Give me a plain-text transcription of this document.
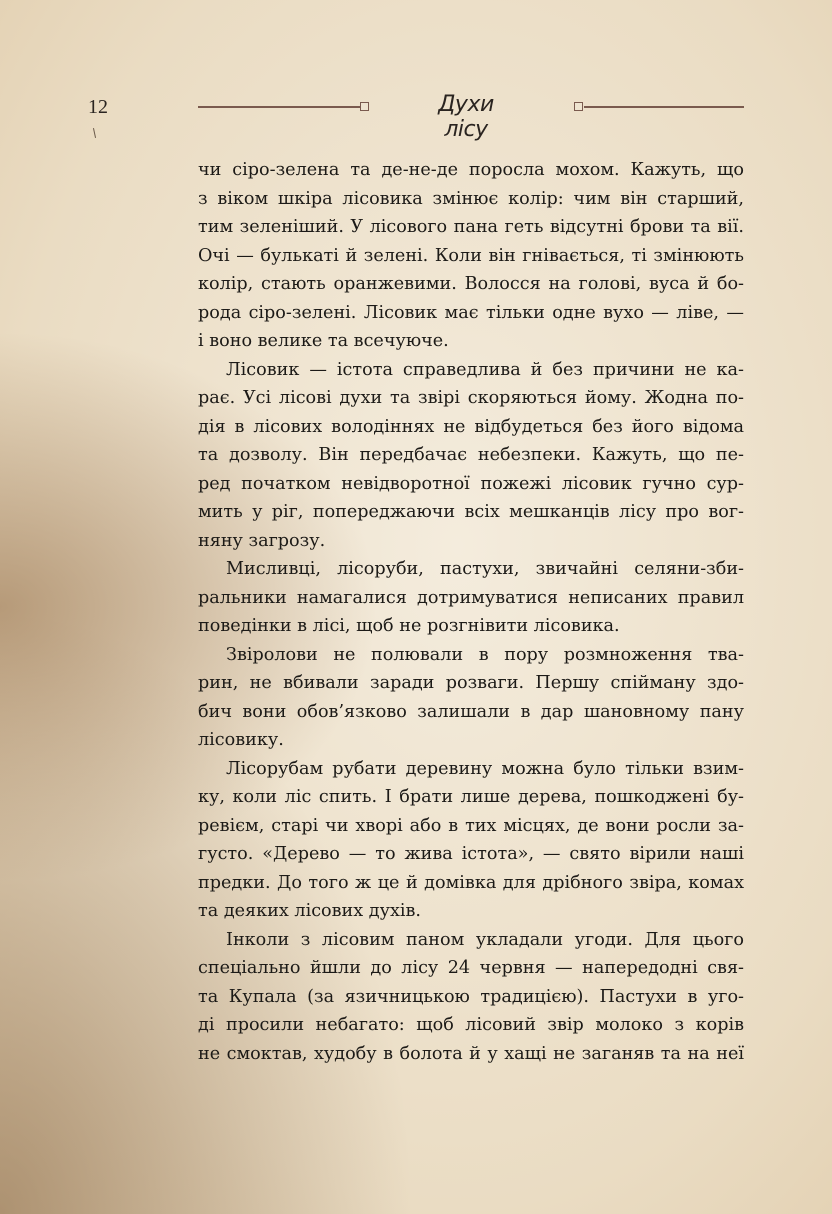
12	Духи лісу
чи сіро-зелена та де-не-де поросла мохом. Кажуть, що
з віком шкіра лісовика змінює колір: чим він старший,
тим зеленіший. У лісового пана геть відсутні брови та вії.
Очі — булькаті й зелені. Коли він гнівається, ті змінюють
колір, стають оранжевими. Волосся на голові, вуса й бо-
рода сіро-зелені. Лісовик має тільки одне вухо — ліве, —
і воно велике та всечуюче.
Лісовик — істота справедлива й без причини не ка-
рає. Усі лісові духи та звірі скоряються йому. Жодна по-
дія в лісових володіннях не відбудеться без його відома
та дозволу. Він передбачає небезпеки. Кажуть, що пе-
ред початком невідворотної пожежі лісовик гучно сур-
мить у ріг, попереджаючи всіх мешканців лісу про вог-
няну загрозу.
Мисливці, лісоруби, пастухи, звичайні селяни-зби-
ральники намагалися дотримуватися неписаних правил
поведінки в лісі, щоб не розгнівити лісовика.
Звіролови не полювали в пору розмноження тва-
рин, не вбивали заради розваги. Першу спійману здо-
бич вони обов’язково залишали в дар шановному пану
лісовику.
Лісорубам рубати деревину можна було тільки взим-
ку, коли ліс спить. І брати лише дерева, пошкоджені бу-
ревієм, старі чи хворі або в тих місцях, де вони росли за-
густо. «Дерево — то жива істота», — свято вірили наші
предки. До того ж це й домівка для дрібного звіра, комах
та деяких лісових духів.
Інколи з лісовим паном укладали угоди. Для цього
спеціально йшли до лісу 24 червня — напередодні свя-
та Купала (за язичницькою традицією). Пастухи в уго-
ді просили небагато: щоб лісовий звір молоко з корів
не смоктав, худобу в болота й у хащі не заганяв та на неї
